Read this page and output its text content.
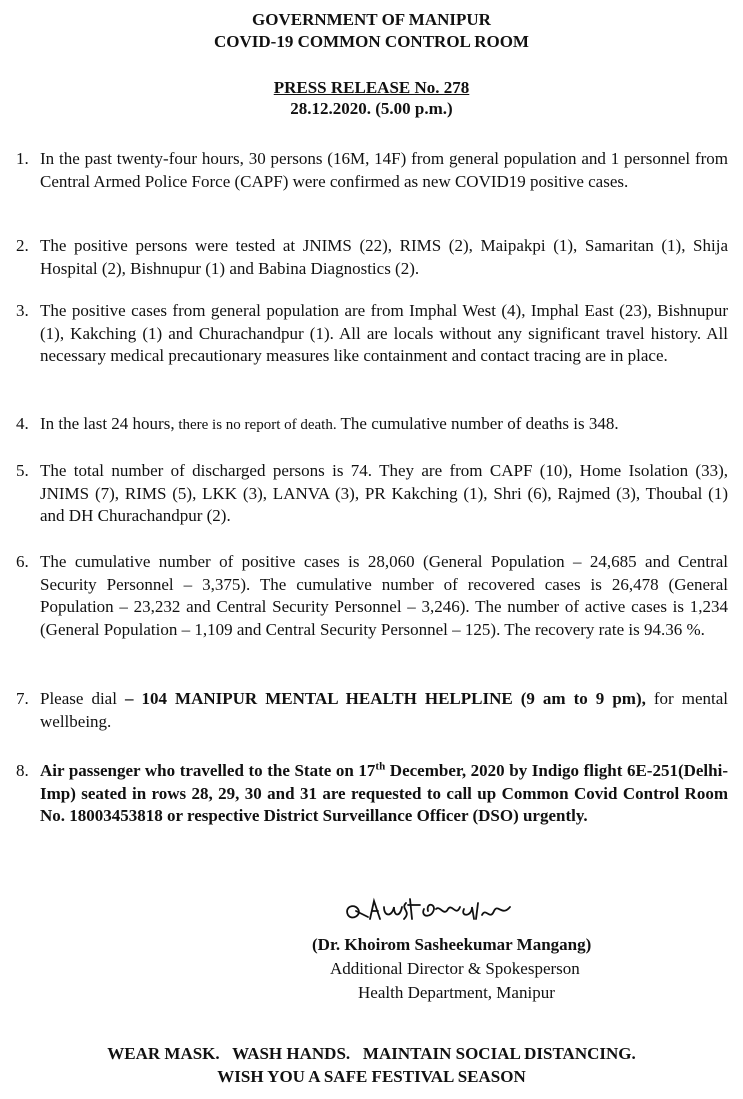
GOVERNMENT OF MANIPUR
COVID-19 COMMON CONTROL ROOM
PRESS RELEASE No. 278
28.12.2020. (5.00 p.m.)
1. In the past twenty-four hours, 30 persons (16M, 14F) from general population and 1 personnel from Central Armed Police Force (CAPF) were confirmed as new COVID19 positive cases.
2. The positive persons were tested at JNIMS (22), RIMS (2), Maipakpi (1), Samaritan (1), Shija Hospital (2), Bishnupur (1) and Babina Diagnostics (2).
3. The positive cases from general population are from Imphal West (4), Imphal East (23), Bishnupur (1), Kakching (1) and Churachandpur (1). All are locals without any significant travel history. All necessary medical precautionary measures like containment and contact tracing are in place.
4. In the last 24 hours, there is no report of death. The cumulative number of deaths is 348.
5. The total number of discharged persons is 74. They are from CAPF (10), Home Isolation (33), JNIMS (7), RIMS (5), LKK (3), LANVA (3), PR Kakching (1), Shri (6), Rajmed (3), Thoubal (1) and DH Churachandpur (2).
6. The cumulative number of positive cases is 28,060 (General Population – 24,685 and Central Security Personnel – 3,375). The cumulative number of recovered cases is 26,478 (General Population – 23,232 and Central Security Personnel – 3,246). The number of active cases is 1,234 (General Population – 1,109 and Central Security Personnel – 125). The recovery rate is 94.36 %.
7. Please dial – 104 MANIPUR MENTAL HEALTH HELPLINE (9 am to 9 pm), for mental wellbeing.
8. Air passenger who travelled to the State on 17th December, 2020 by Indigo flight 6E-251(Delhi-Imp) seated in rows 28, 29, 30 and 31 are requested to call up Common Covid Control Room No. 18003453818 or respective District Surveillance Officer (DSO) urgently.
(Dr. Khoirom Sasheekumar Mangang)
Additional Director & Spokesperson
Health Department, Manipur
WEAR MASK.   WASH HANDS.   MAINTAIN SOCIAL DISTANCING.
WISH YOU A SAFE FESTIVAL SEASON
